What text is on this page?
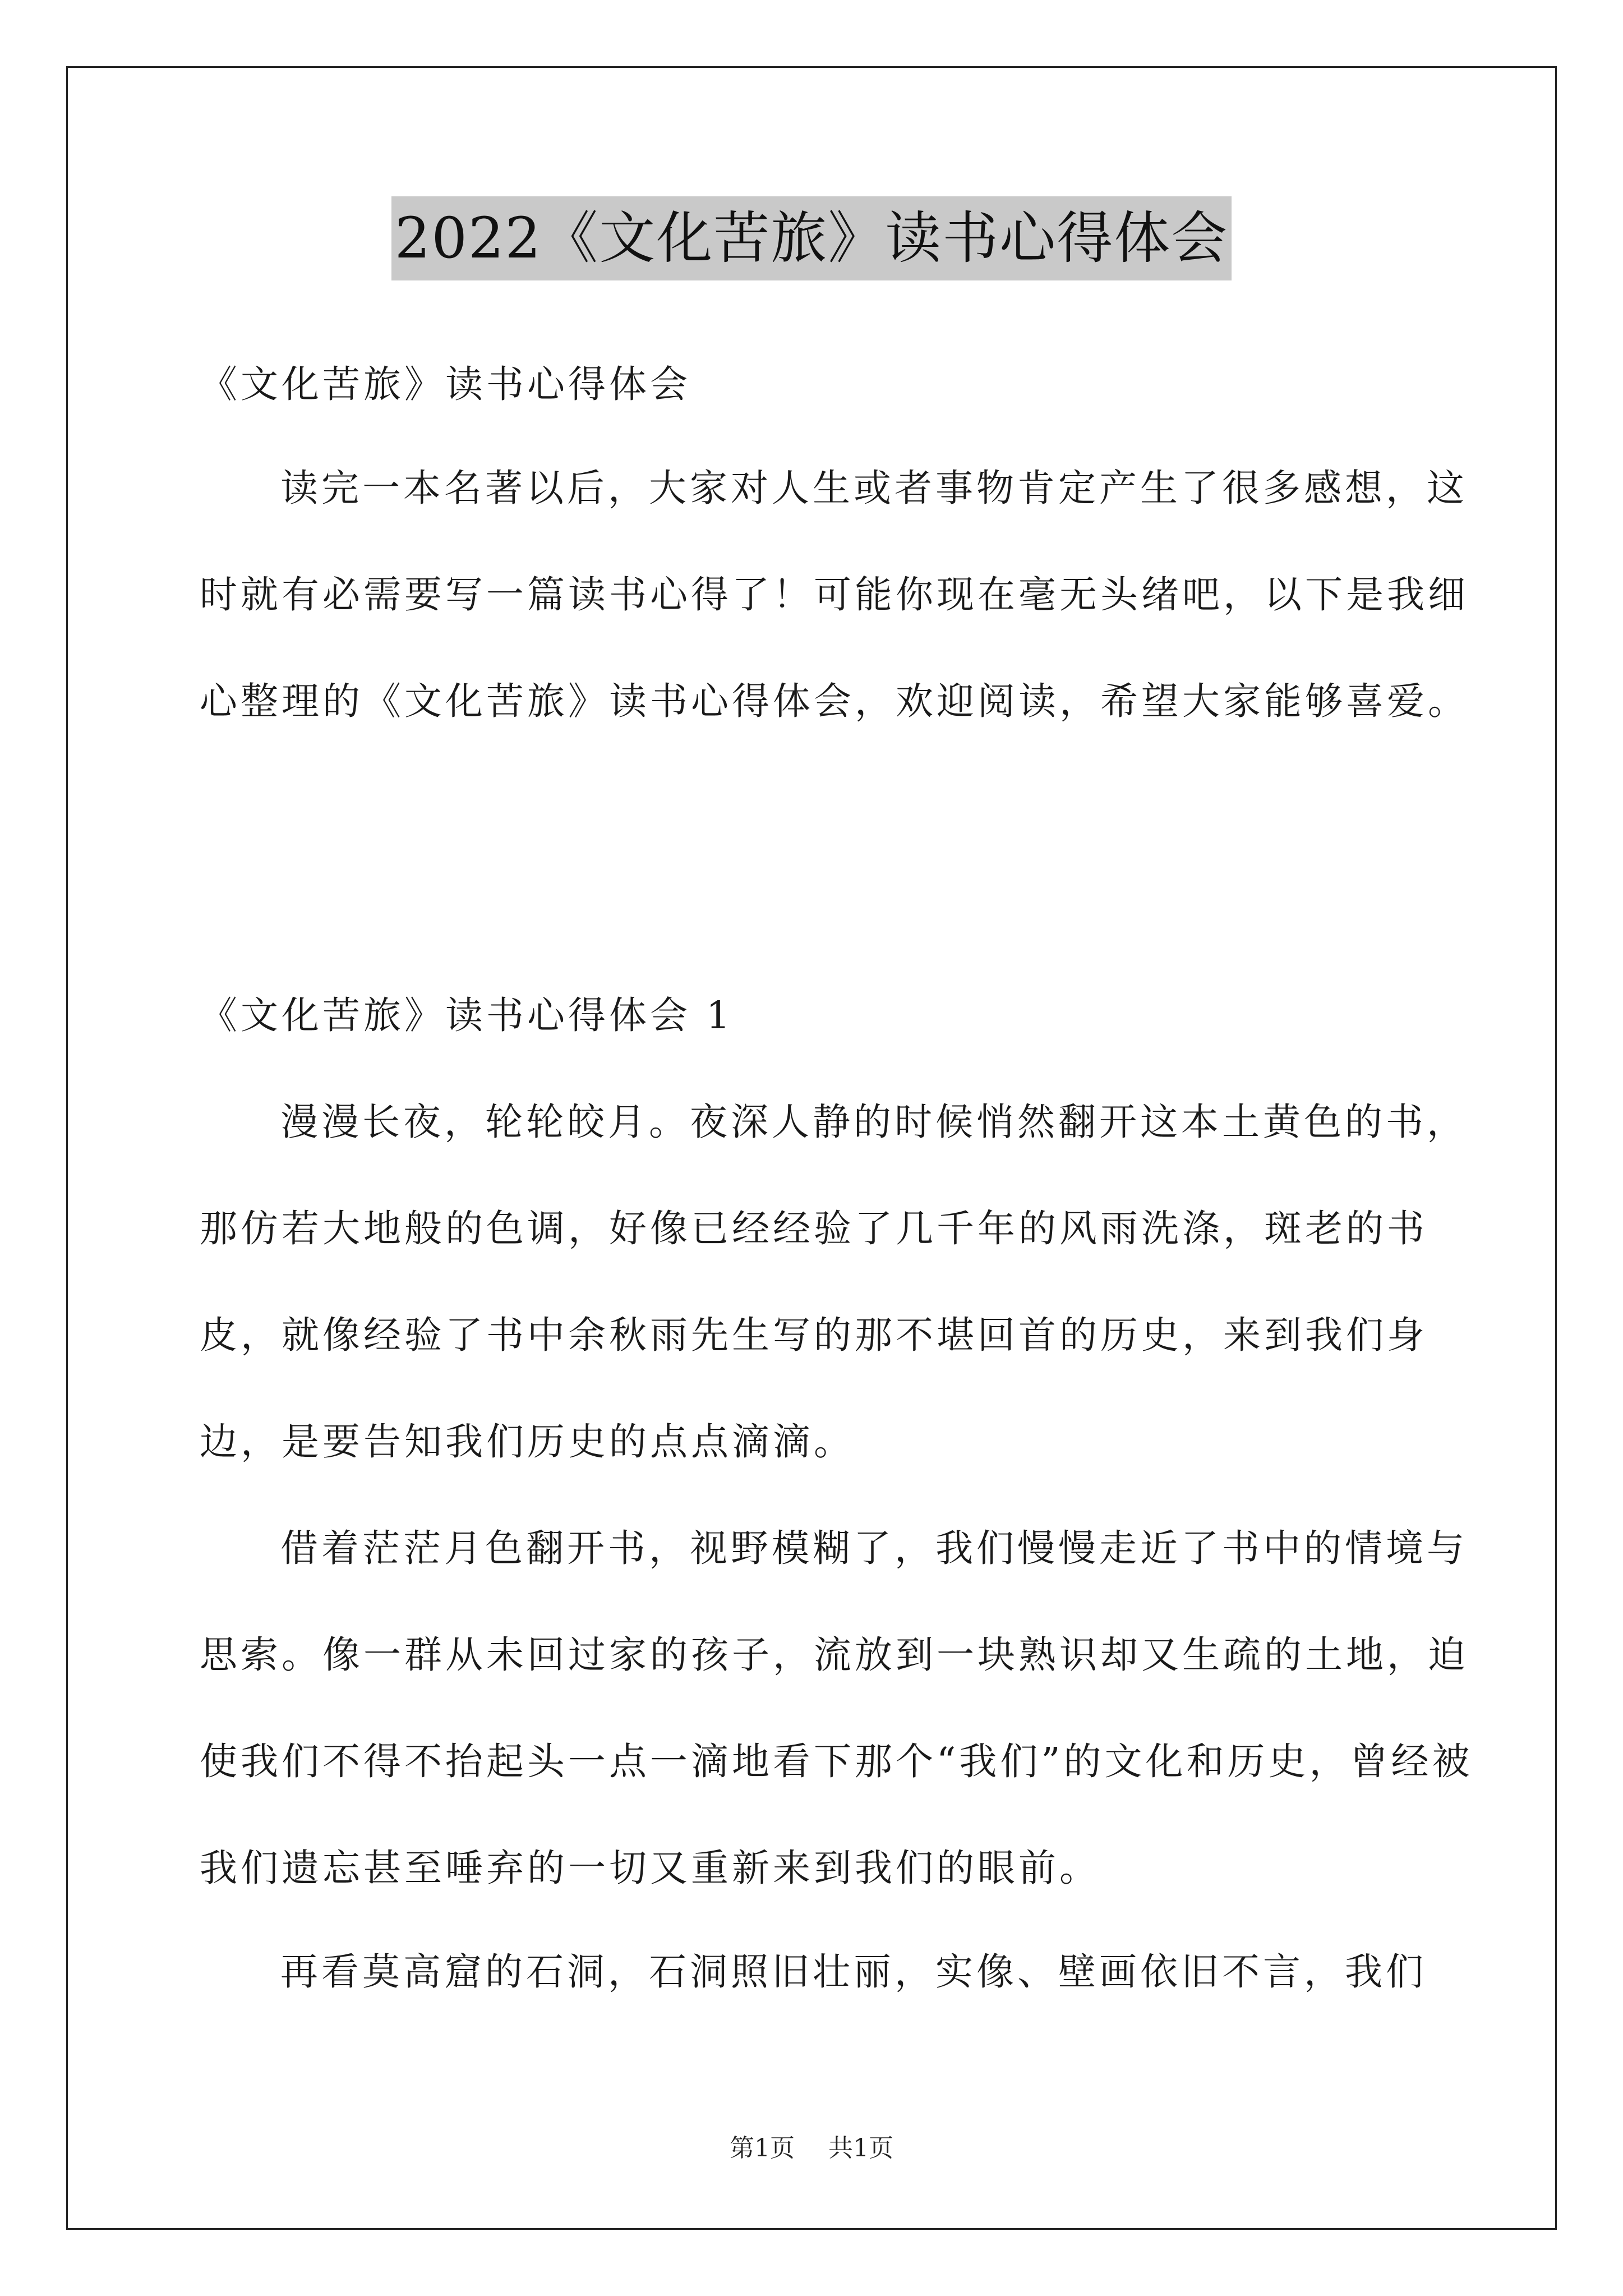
2022《文化苦旅》读书心得体会

《文化苦旅》读书心得体会

读完一本名著以后，大家对人生或者事物肯定产生了很多感想，这时就有必需要写一篇读书心得了！可能你现在毫无头绪吧，以下是我细心整理的《文化苦旅》读书心得体会，欢迎阅读，希望大家能够喜爱。

《文化苦旅》读书心得体会 1

漫漫长夜，轮轮皎月。夜深人静的时候悄然翻开这本土黄色的书，那仿若大地般的色调，好像已经经验了几千年的风雨洗涤，斑老的书皮，就像经验了书中余秋雨先生写的那不堪回首的历史，来到我们身边，是要告知我们历史的点点滴滴。

借着茫茫月色翻开书，视野模糊了，我们慢慢走近了书中的情境与思索。像一群从未回过家的孩子，流放到一块熟识却又生疏的土地，迫使我们不得不抬起头一点一滴地看下那个“我们”的文化和历史，曾经被我们遗忘甚至唾弃的一切又重新来到我们的眼前。

再看莫高窟的石洞，石洞照旧壮丽，实像、壁画依旧不言，我们

第1页 共1页
